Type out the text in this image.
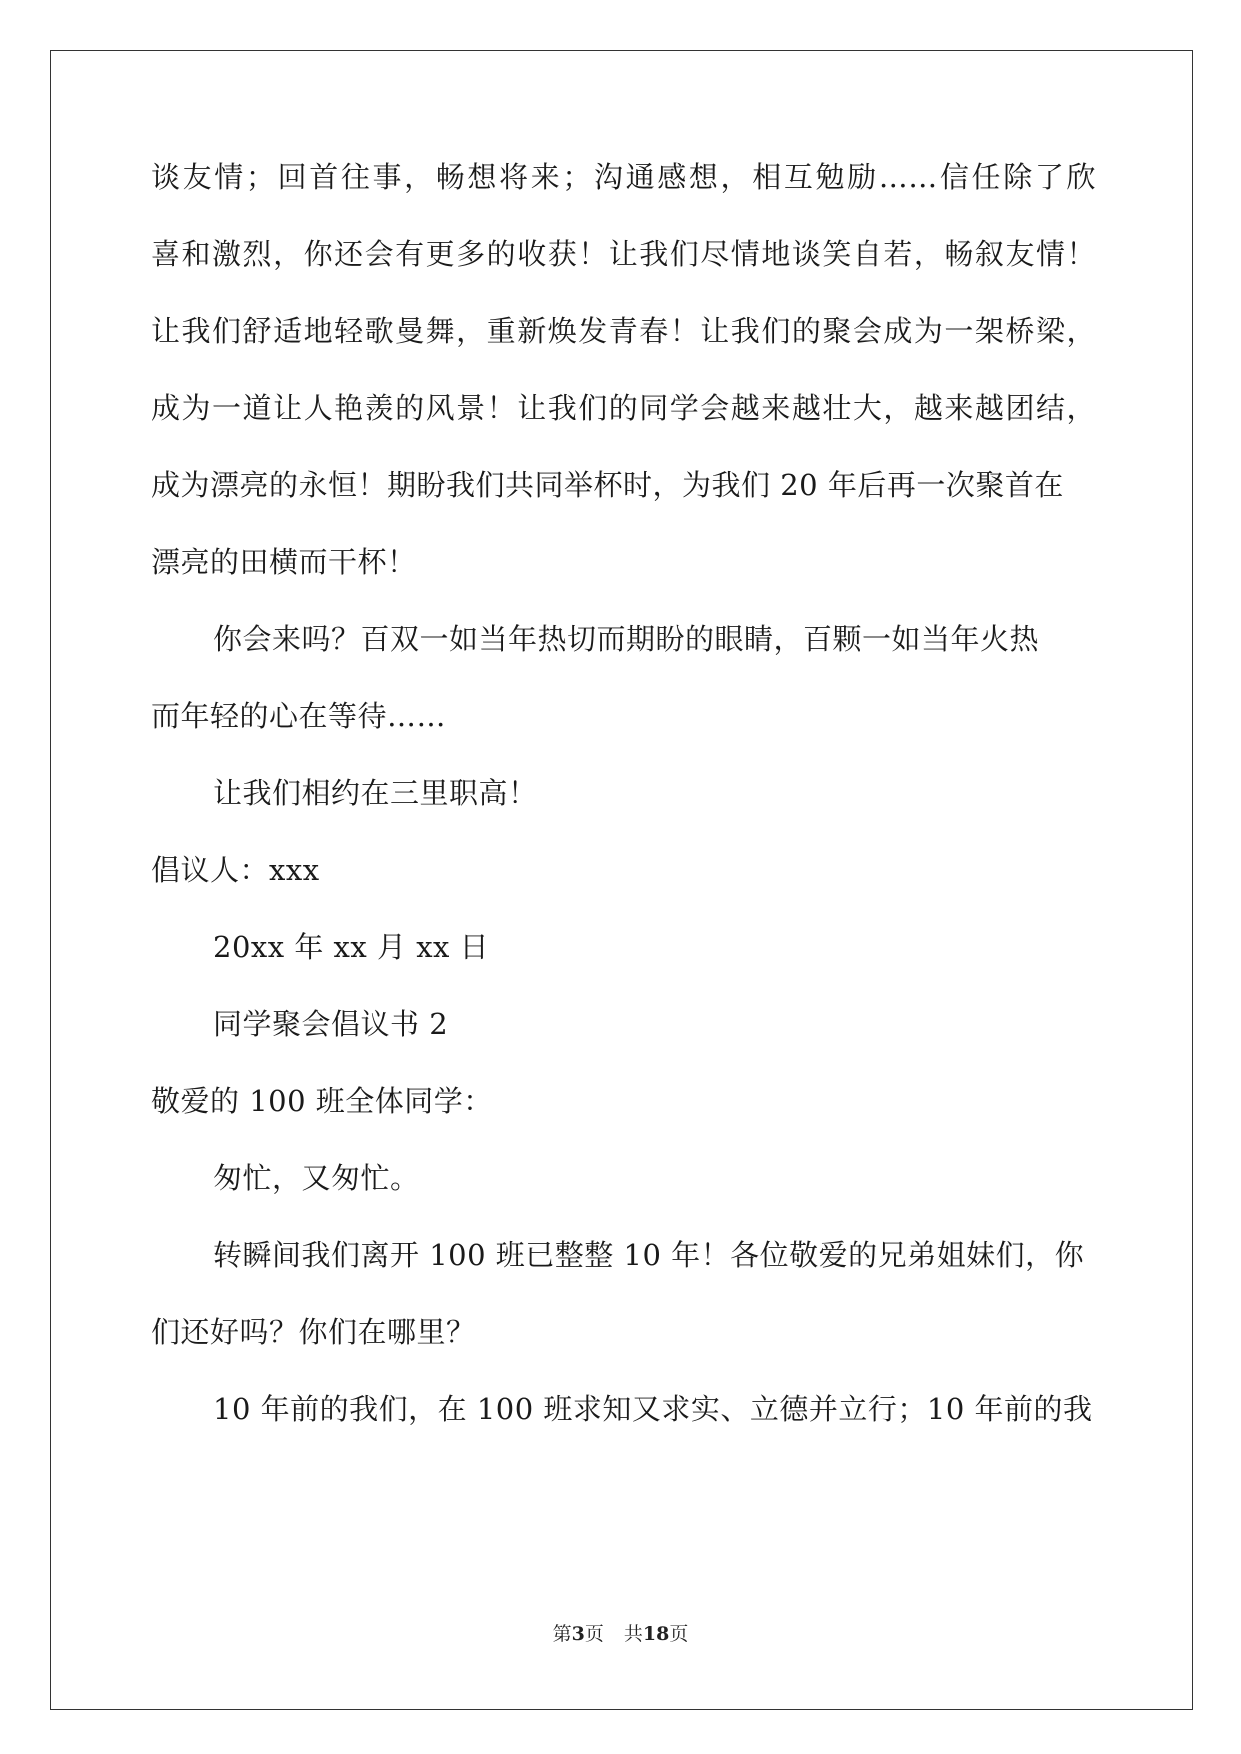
谈友情；回首往事，畅想将来；沟通感想，相互勉励……信任除了欣
喜和激烈，你还会有更多的收获！让我们尽情地谈笑自若，畅叙友情！
让我们舒适地轻歌曼舞，重新焕发青春！让我们的聚会成为一架桥梁，
成为一道让人艳羡的风景！让我们的同学会越来越壮大，越来越团结，
成为漂亮的永恒！期盼我们共同举杯时，为我们 20 年后再一次聚首在
漂亮的田横而干杯！
你会来吗？百双一如当年热切而期盼的眼睛，百颗一如当年火热
而年轻的心在等待……
让我们相约在三里职高！
倡议人：xxx
20xx 年 xx 月 xx 日
同学聚会倡议书 2
敬爱的 100 班全体同学：
匆忙，又匆忙。
转瞬间我们离开 100 班已整整 10 年！各位敬爱的兄弟姐妹们，你
们还好吗？你们在哪里？
10 年前的我们，在 100 班求知又求实、立德并立行；10 年前的我
第3页 共18页
